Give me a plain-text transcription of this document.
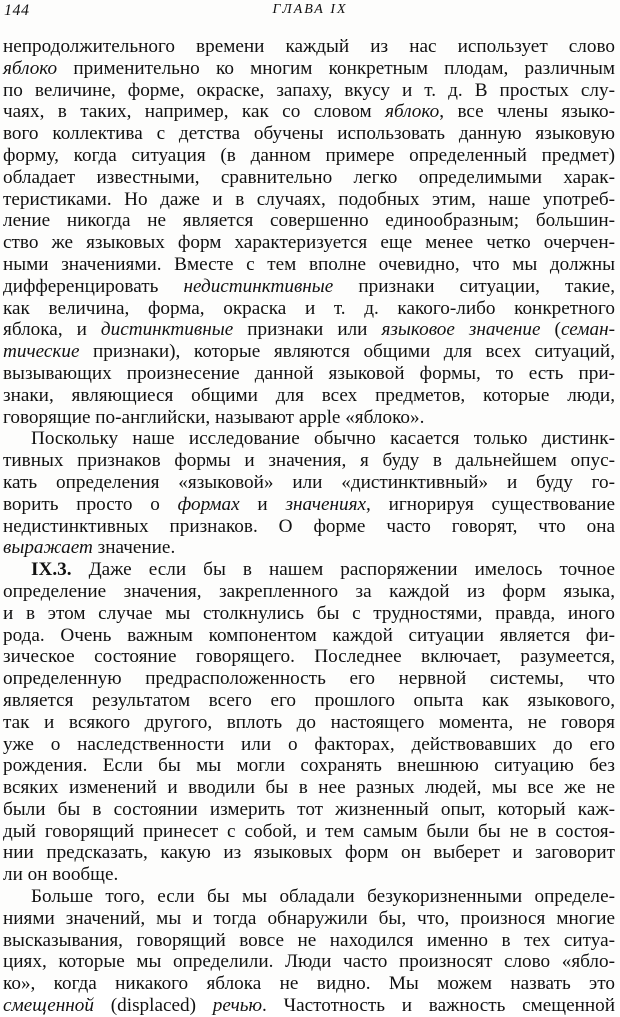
144	ГЛАВА IX
непродолжительного времени каждый из нас использует слово
яблоко применительно ко многим конкретным плодам, различным
по величине, форме, окраске, запаху, вкусу и т. д. В простых слу-
чаях, в таких, например, как со словом яблоко, все члены языко-
вого коллектива с детства обучены использовать данную языковую
форму, когда ситуация (в данном примере определенный предмет)
обладает известными, сравнительно легко определимыми харак-
теристиками. Но даже и в случаях, подобных этим, наше употреб-
ление никогда не является совершенно единообразным; большин-
ство же языковых форм характеризуется еще менее четко очерчен-
ными значениями. Вместе с тем вполне очевидно, что мы должны
дифференцировать недистинктивные признаки ситуации, такие,
как величина, форма, окраска и т. д. какого-либо конкретного
яблока, и дистинктивные признаки или языковое значение (семан-
тические признаки), которые являются общими для всех ситуаций,
вызывающих произнесение данной языковой формы, то есть при-
знаки, являющиеся общими для всех предметов, которые люди,
говорящие по-английски, называют apple «яблоко».
Поскольку наше исследование обычно касается только дистинк-
тивных признаков формы и значения, я буду в дальнейшем опус-
кать определения «языковой» или «дистинктивный» и буду го-
ворить просто о формах и значениях, игнорируя существование
недистинктивных признаков. О форме часто говорят, что она
выражает значение.
IX.3. Даже если бы в нашем распоряжении имелось точное
определение значения, закрепленного за каждой из форм языка,
и в этом случае мы столкнулись бы с трудностями, правда, иного
рода. Очень важным компонентом каждой ситуации является фи-
зическое состояние говорящего. Последнее включает, разумеется,
определенную предрасположенность его нервной системы, что
является результатом всего его прошлого опыта как языкового,
так и всякого другого, вплоть до настоящего момента, не говоря
уже о наследственности или о факторах, действовавших до его
рождения. Если бы мы могли сохранять внешнюю ситуацию без
всяких изменений и вводили бы в нее разных людей, мы все же не
были бы в состоянии измерить тот жизненный опыт, который каж-
дый говорящий принесет с собой, и тем самым были бы не в состоя-
нии предсказать, какую из языковых форм он выберет и заговорит
ли он вообще.
Больше того, если бы мы обладали безукоризненными определе-
ниями значений, мы и тогда обнаружили бы, что, произнося многие
высказывания, говорящий вовсе не находился именно в тех ситуа-
циях, которые мы определили. Люди часто произносят слово «ябло-
ко», когда никакого яблока не видно. Мы можем назвать это
смещенной (displaced) речью. Частотность и важность смещенной
